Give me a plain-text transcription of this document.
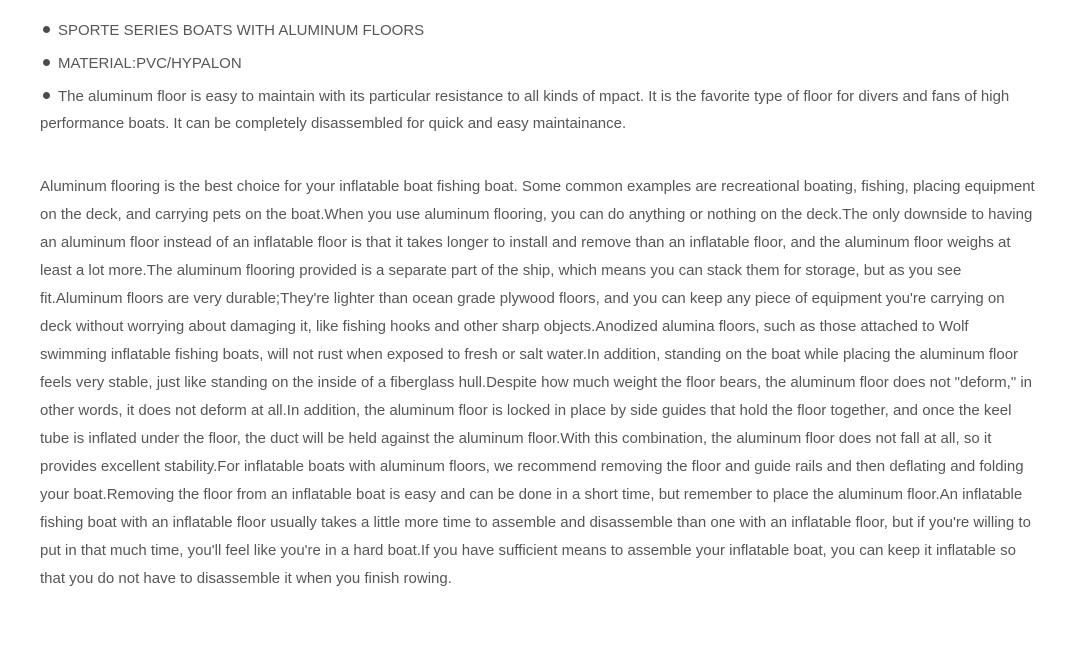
SPORTE SERIES BOATS WITH ALUMINUM FLOORS
MATERIAL:PVC/HYPALON
The aluminum floor is easy to maintain with its particular resistance to all kinds of mpact. It is the favorite type of floor for divers and fans of high performance boats. It can be completely disassembled for quick and easy maintainance.

Aluminum flooring is the best choice for your inflatable boat fishing boat. Some common examples are recreational boating, fishing, placing equipment on the deck, and carrying pets on the boat.When you use aluminum flooring, you can do anything or nothing on the deck.The only downside to having an aluminum floor instead of an inflatable floor is that it takes longer to install and remove than an inflatable floor, and the aluminum floor weighs at least a lot more.The aluminum flooring provided is a separate part of the ship, which means you can stack them for storage, but as you see fit.Aluminum floors are very durable;They're lighter than ocean grade plywood floors, and you can keep any piece of equipment you're carrying on deck without worrying about damaging it, like fishing hooks and other sharp objects.Anodized alumina floors, such as those attached to Wolf swimming inflatable fishing boats, will not rust when exposed to fresh or salt water.In addition, standing on the boat while placing the aluminum floor feels very stable, just like standing on the inside of a fiberglass hull.Despite how much weight the floor bears, the aluminum floor does not "deform," in other words, it does not deform at all.In addition, the aluminum floor is locked in place by side guides that hold the floor together, and once the keel tube is inflated under the floor, the duct will be held against the aluminum floor.With this combination, the aluminum floor does not fall at all, so it provides excellent stability.For inflatable boats with aluminum floors, we recommend removing the floor and guide rails and then deflating and folding your boat.Removing the floor from an inflatable boat is easy and can be done in a short time, but remember to place the aluminum floor.An inflatable fishing boat with an inflatable floor usually takes a little more time to assemble and disassemble than one with an inflatable floor, but if you're willing to put in that much time, you'll feel like you're in a hard boat.If you have sufficient means to assemble your inflatable boat, you can keep it inflatable so that you do not have to disassemble it when you finish rowing.
